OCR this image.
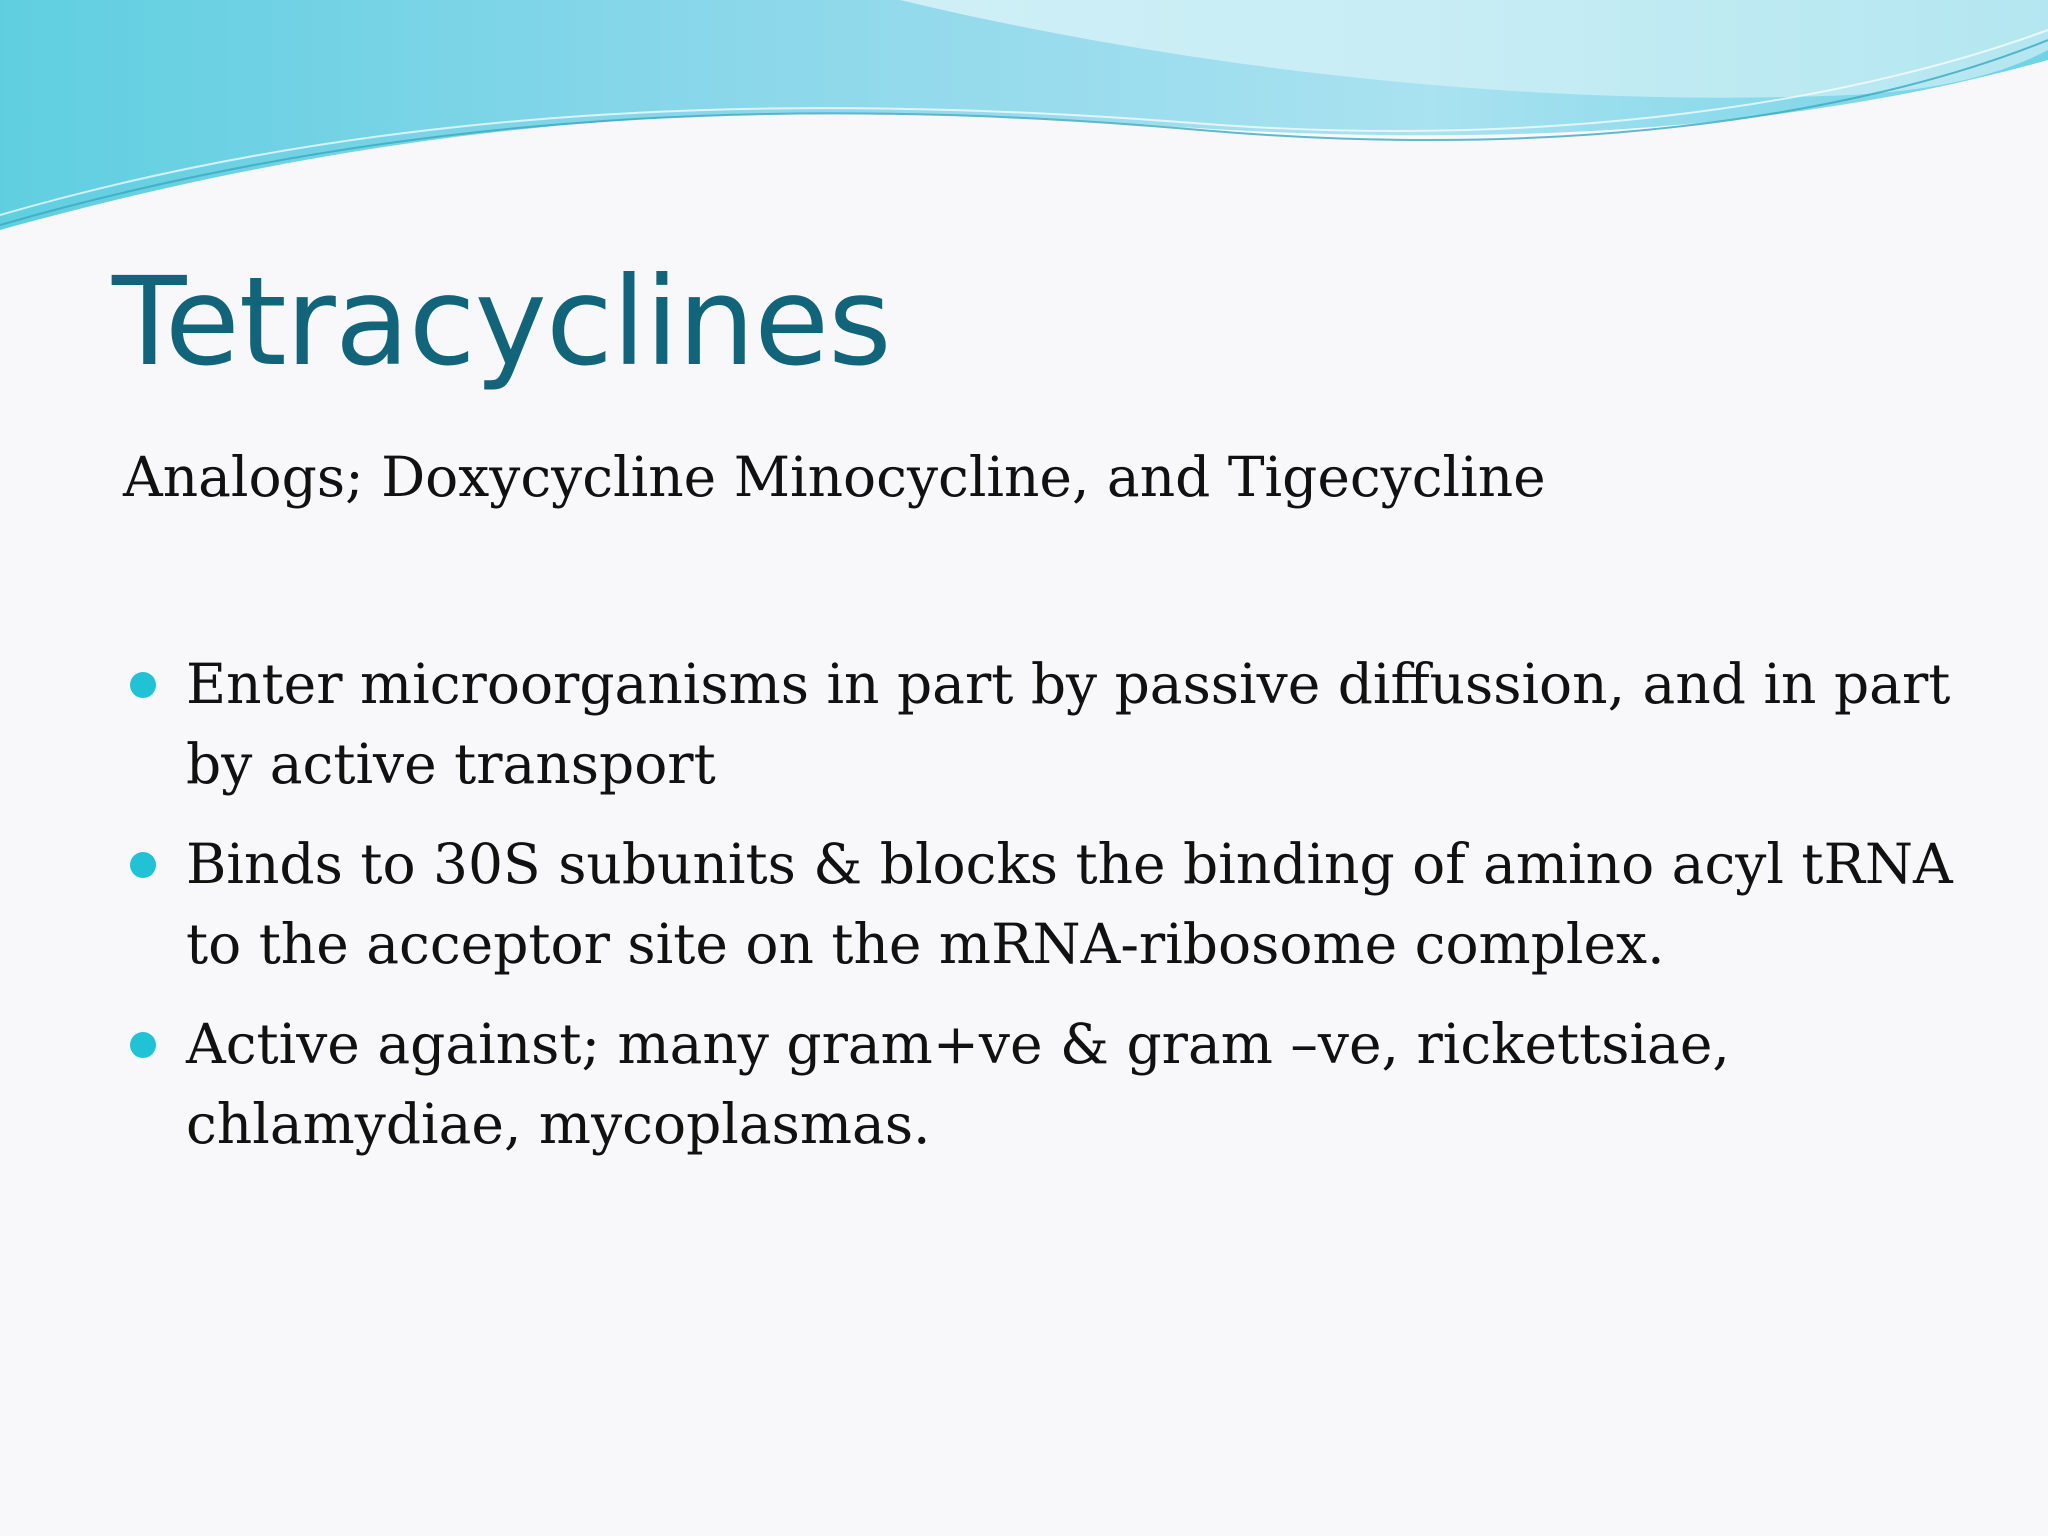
Tetracyclines

Analogs; Doxycycline Minocycline, and Tigecycline

Enter microorganisms in part by passive diffussion, and in part by active transport
Binds to 30S subunits & blocks the binding of amino acyl tRNA to the acceptor site on the mRNA-ribosome complex.
Active against; many gram+ve & gram –ve, rickettsiae, chlamydiae, mycoplasmas.
